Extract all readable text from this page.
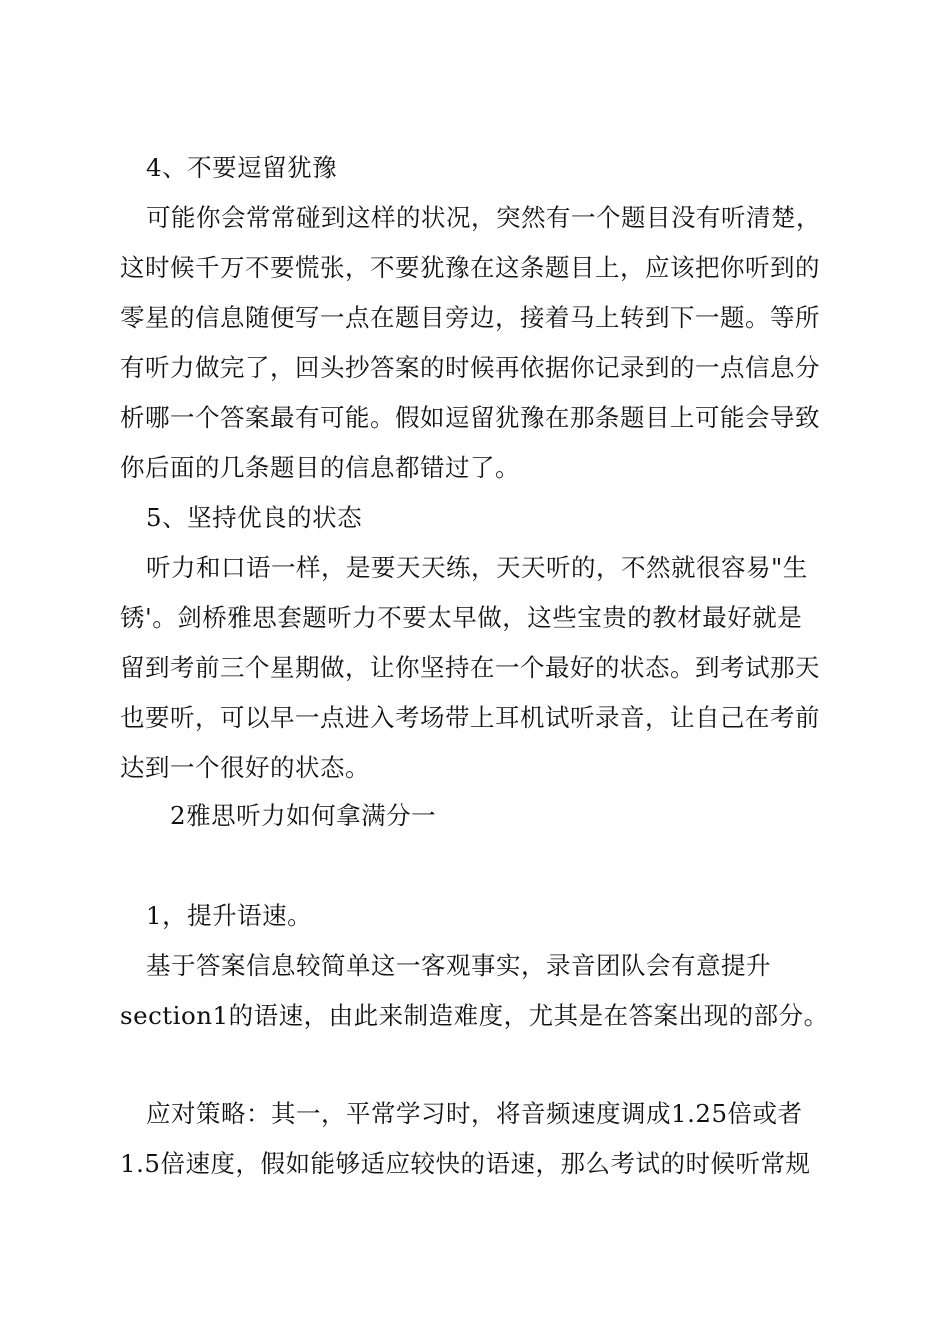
4、不要逗留犹豫

可能你会常常碰到这样的状况，突然有一个题目没有听清楚，

这时候千万不要慌张，不要犹豫在这条题目上，应该把你听到的

零星的信息随便写一点在题目旁边，接着马上转到下一题。等所

有听力做完了，回头抄答案的时候再依据你记录到的一点信息分

析哪一个答案最有可能。假如逗留犹豫在那条题目上可能会导致

你后面的几条题目的信息都错过了。

5、坚持优良的状态

听力和口语一样，是要天天练，天天听的，不然就很容易"生

锈'。剑桥雅思套题听力不要太早做，这些宝贵的教材最好就是

留到考前三个星期做，让你坚持在一个最好的状态。到考试那天

也要听，可以早一点进入考场带上耳机试听录音，让自己在考前

达到一个很好的状态。

2雅思听力如何拿满分一

1，提升语速。

基于答案信息较简单这一客观事实，录音团队会有意提升

section1的语速，由此来制造难度，尤其是在答案出现的部分。

应对策略：其一，平常学习时，将音频速度调成1.25倍或者

1.5倍速度，假如能够适应较快的语速，那么考试的时候听常规
